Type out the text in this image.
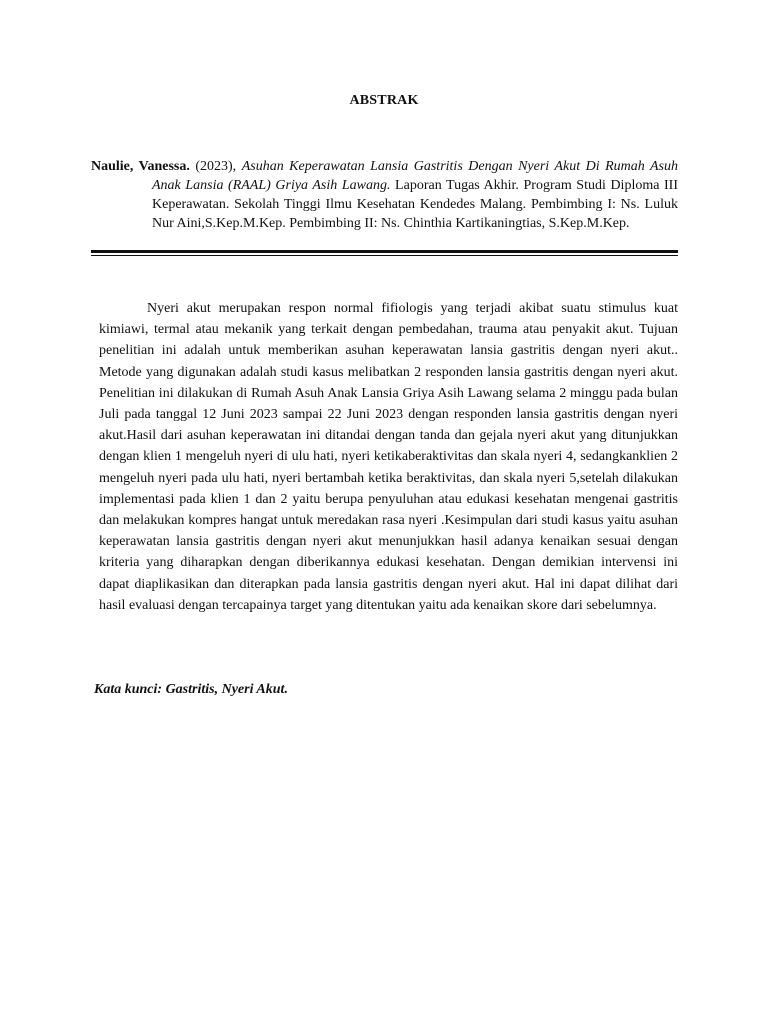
ABSTRAK
Naulie, Vanessa. (2023), Asuhan Keperawatan Lansia Gastritis Dengan Nyeri Akut Di Rumah Asuh Anak Lansia (RAAL) Griya Asih Lawang. Laporan Tugas Akhir. Program Studi Diploma III Keperawatan. Sekolah Tinggi Ilmu Kesehatan Kendedes Malang. Pembimbing I: Ns. Luluk Nur Aini,S.Kep.M.Kep. Pembimbing II: Ns. Chinthia Kartikaningtias, S.Kep.M.Kep.

Nyeri akut merupakan respon normal fifiologis yang terjadi akibat suatu stimulus kuat kimiawi, termal atau mekanik yang terkait dengan pembedahan, trauma atau penyakit akut. Tujuan penelitian ini adalah untuk memberikan asuhan keperawatan lansia gastritis dengan nyeri akut.. Metode yang digunakan adalah studi kasus melibatkan 2 responden lansia gastritis dengan nyeri akut. Penelitian ini dilakukan di Rumah Asuh Anak Lansia Griya Asih Lawang selama 2 minggu pada bulan Juli pada tanggal 12 Juni 2023 sampai 22 Juni 2023 dengan responden lansia gastritis dengan nyeri akut.Hasil dari asuhan keperawatan ini ditandai dengan tanda dan gejala nyeri akut yang ditunjukkan dengan klien 1 mengeluh nyeri di ulu hati, nyeri ketikaberaktivitas dan skala nyeri 4, sedangkanklien 2 mengeluh nyeri pada ulu hati, nyeri bertambah ketika beraktivitas, dan skala nyeri 5,setelah dilakukan implementasi pada klien 1 dan 2 yaitu berupa penyuluhan atau edukasi kesehatan mengenai gastritis dan melakukan kompres hangat untuk meredakan rasa nyeri .Kesimpulan dari studi kasus yaitu asuhan keperawatan lansia gastritis dengan nyeri akut menunjukkan hasil adanya kenaikan sesuai dengan kriteria yang diharapkan dengan diberikannya edukasi kesehatan. Dengan demikian intervensi ini dapat diaplikasikan dan diterapkan pada lansia gastritis dengan nyeri akut. Hal ini dapat dilihat dari hasil evaluasi dengan tercapainya target yang ditentukan yaitu ada kenaikan skore dari sebelumnya.

Kata kunci: Gastritis, Nyeri Akut.
